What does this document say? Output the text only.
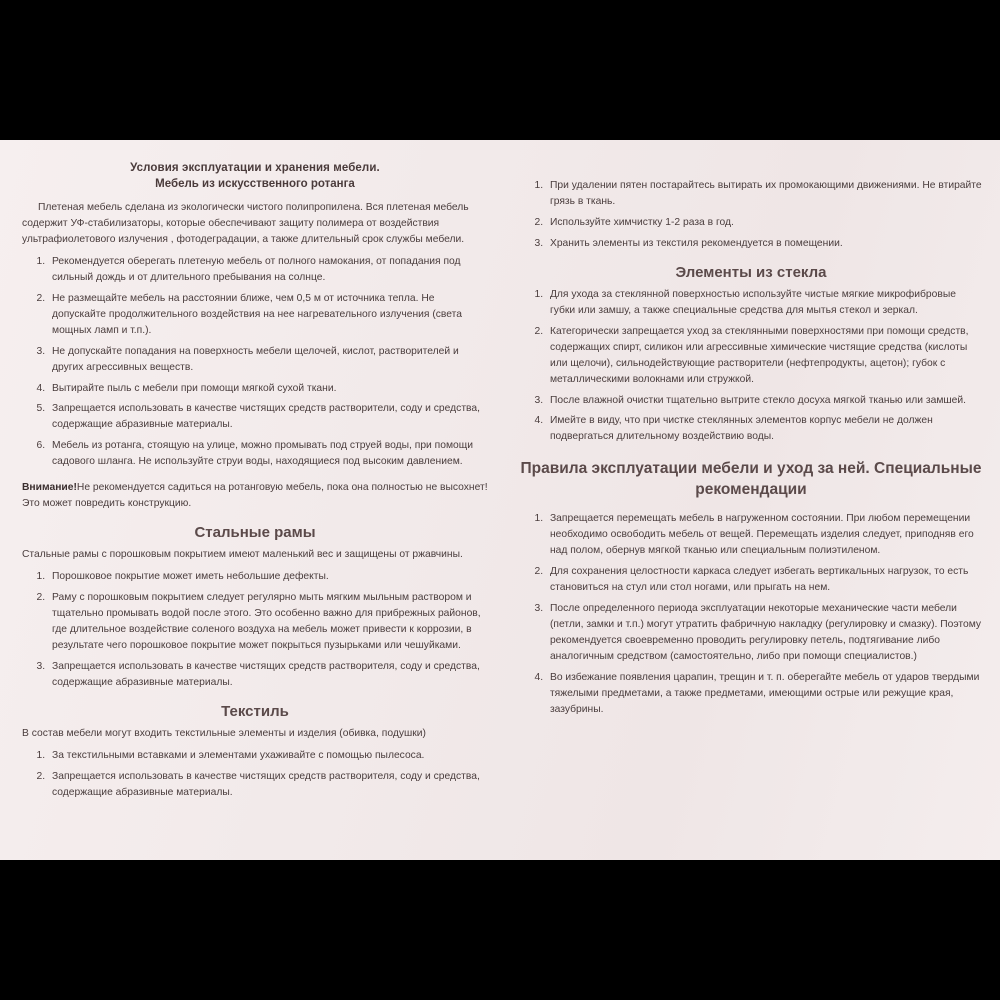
Условия эксплуатации и хранения мебели.
Мебель из искусственного ротанга

Плетеная мебель сделана из экологически чистого полипропилена. Вся плетеная мебель содержит УФ-стабилизаторы, которые обеспечивают защиту полимера от воздействия ультрафиолетового излучения , фотодеградации, а также длительный срок службы мебели.

1. Рекомендуется оберегать плетеную мебель от полного намокания, от попадания под сильный дождь и от длительного пребывания на солнце.
2. Не размещайте мебель на расстоянии ближе, чем 0,5 м от источника тепла. Не допускайте продолжительного воздействия на нее нагревательного излучения (света мощных ламп и т.п.).
3. Не допускайте попадания на поверхность мебели щелочей, кислот, растворителей и других агрессивных веществ.
4. Вытирайте пыль с мебели при помощи мягкой сухой ткани.
5. Запрещается использовать в качестве чистящих средств растворители, соду и средства, содержащие абразивные материалы.
6. Мебель из ротанга, стоящую на улице, можно промывать под струей воды, при помощи садового шланга. Не используйте струи воды, находящиеся под высоким давлением.
Внимание!Не рекомендуется садиться на ротанговую мебель, пока она полностью не высохнет! Это может повредить конструкцию.
Стальные рамы

Стальные рамы с порошковым покрытием имеют маленький вес и защищены от ржавчины.

1. Порошковое покрытие может иметь небольшие дефекты.
2. Раму с порошковым покрытием следует регулярно мыть мягким мыльным раствором и тщательно промывать водой после этого. Это особенно важно для прибрежных районов, где длительное воздействие соленого воздуха на мебель может привести к коррозии, в результате чего порошковое покрытие может покрыться пузырьками или чешуйками.
3. Запрещается использовать в качестве чистящих средств растворителя, соду и средства, содержащие абразивные материалы.
Текстиль

В состав мебели могут входить текстильные элементы и изделия (обивка, подушки)

1. За текстильными вставками и элементами ухаживайте с помощью пылесоса.
2. Запрещается использовать в качестве чистящих средств растворителя, соду и средства, содержащие абразивные материалы.
1. При удалении пятен постарайтесь вытирать их промокающими движениями. Не втирайте грязь в ткань.
2. Используйте химчистку 1-2 раза в год.
3. Хранить элементы из текстиля рекомендуется в помещении.
Элементы из стекла
1. Для ухода за стеклянной поверхностью используйте чистые мягкие микрофибровые губки или замшу, а также специальные средства для мытья стекол и зеркал.
2. Категорически запрещается уход за стеклянными поверхностями при помощи средств, содержащих спирт, силикон или агрессивные химические чистящие средства (кислоты или щелочи), сильнодействующие растворители (нефтепродукты, ацетон); губок с металлическими волокнами или стружкой.
3. После влажной очистки тщательно вытрите стекло досуха мягкой тканью или замшей.
4. Имейте в виду, что при чистке стеклянных элементов корпус мебели не должен подвергаться длительному воздействию воды.
Правила эксплуатации мебели и уход за ней. Специальные рекомендации
1. Запрещается перемещать мебель в нагруженном состоянии. При любом перемещении необходимо освободить мебель от вещей. Перемещать изделия следует, приподняв его над полом, обернув мягкой тканью или специальным полиэтиленом.
2. Для сохранения целостности каркаса следует избегать вертикальных нагрузок, то есть становиться на стул или стол ногами, или прыгать на нем.
3. После определенного периода эксплуатации некоторые механические части мебели (петли, замки и т.п.) могут утратить фабричную накладку (регулировку и смазку). Поэтому рекомендуется своевременно проводить регулировку петель, подтягивание либо аналогичным средством (самостоятельно, либо при помощи специалистов.)
4. Во избежание появления царапин, трещин и т. п. оберегайте мебель от ударов твердыми тяжелыми предметами, а также предметами, имеющими острые или режущие края, зазубрины.
